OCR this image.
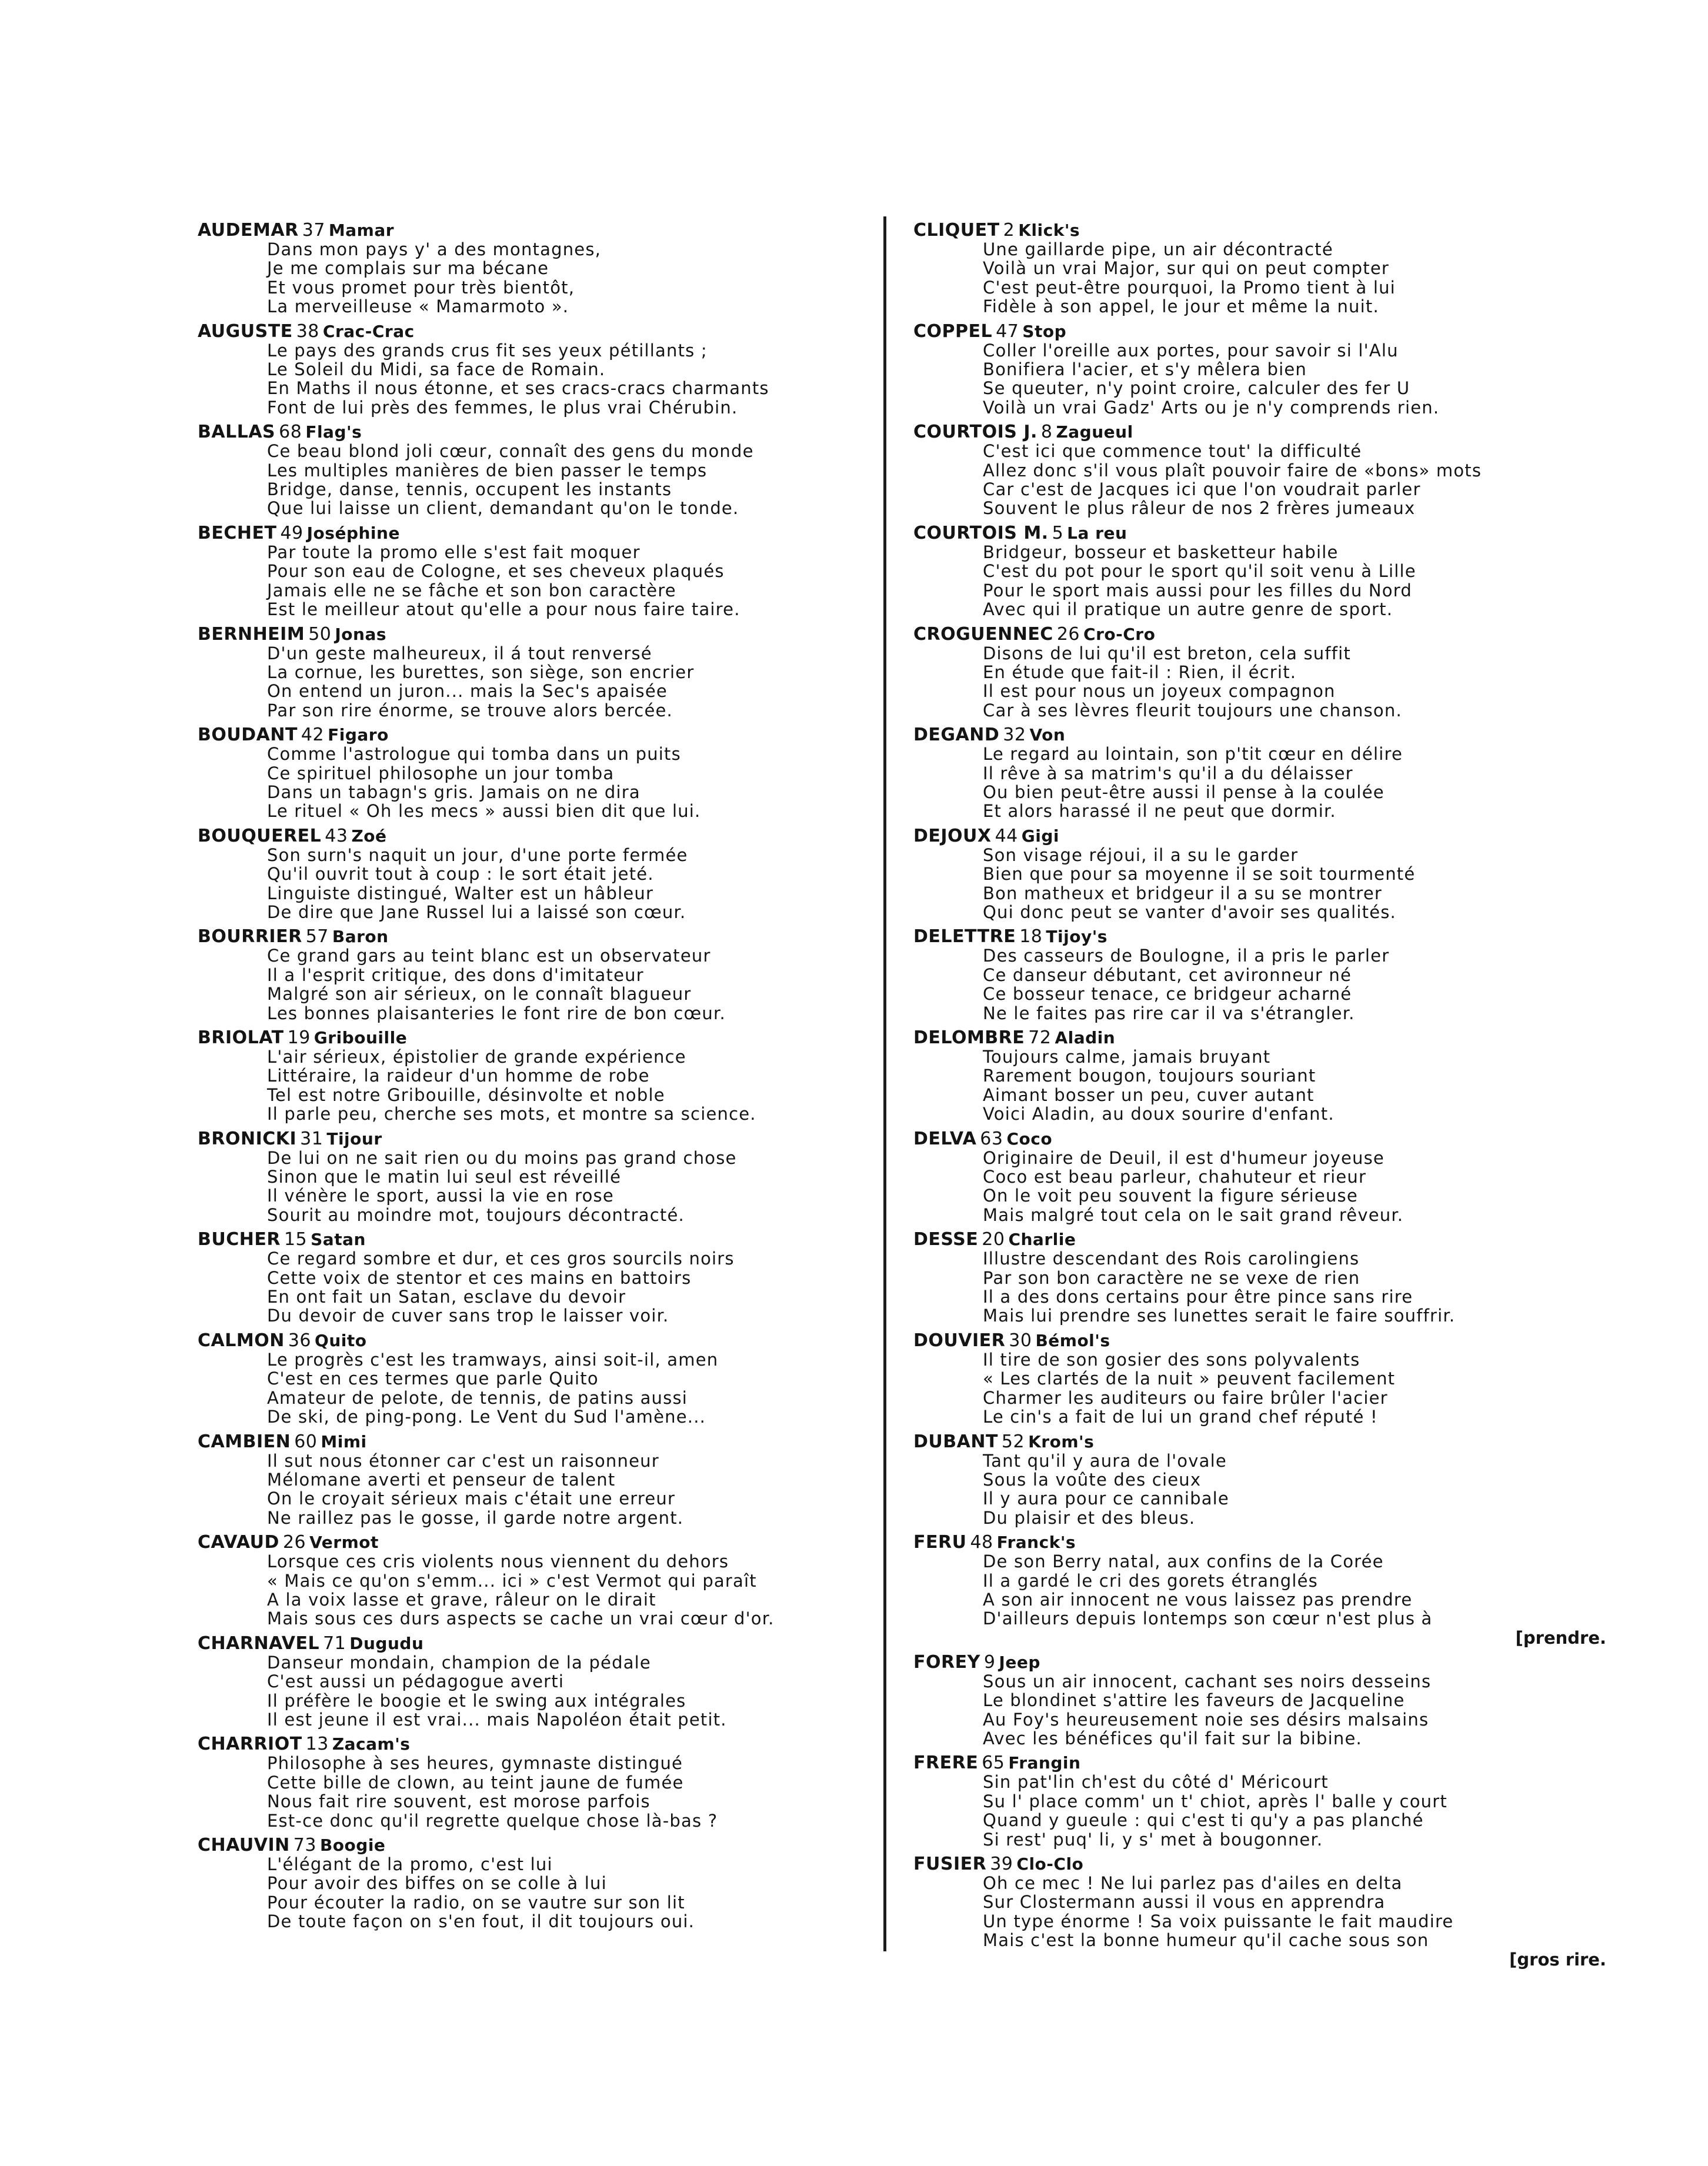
AUDEMAR 37 Mamar
Dans mon pays y' a des montagnes,
Je me complais sur ma bécane
Et vous promet pour très bientôt,
La merveilleuse « Mamarmoto ».
AUGUSTE 38 Crac-Crac
Le pays des grands crus fit ses yeux pétillants ;
Le Soleil du Midi, sa face de Romain.
En Maths il nous étonne, et ses cracs-cracs charmants
Font de lui près des femmes, le plus vrai Chérubin.
BALLAS 68 Flag's
Ce beau blond joli cœur, connaît des gens du monde
Les multiples manières de bien passer le temps
Bridge, danse, tennis, occupent les instants
Que lui laisse un client, demandant qu'on le tonde.
BECHET 49 Joséphine
Par toute la promo elle s'est fait moquer
Pour son eau de Cologne, et ses cheveux plaqués
Jamais elle ne se fâche et son bon caractère
Est le meilleur atout qu'elle a pour nous faire taire.
BERNHEIM 50 Jonas
D'un geste malheureux, il á tout renversé
La cornue, les burettes, son siège, son encrier
On entend un juron... mais la Sec's apaisée
Par son rire énorme, se trouve alors bercée.
BOUDANT 42 Figaro
Comme l'astrologue qui tomba dans un puits
Ce spirituel philosophe un jour tomba
Dans un tabagn's gris. Jamais on ne dira
Le rituel « Oh les mecs » aussi bien dit que lui.
BOUQUEREL 43 Zoé
Son surn's naquit un jour, d'une porte fermée
Qu'il ouvrit tout à coup : le sort était jeté.
Linguiste distingué, Walter est un hâbleur
De dire que Jane Russel lui a laissé son cœur.
BOURRIER 57 Baron
Ce grand gars au teint blanc est un observateur
Il a l'esprit critique, des dons d'imitateur
Malgré son air sérieux, on le connaît blagueur
Les bonnes plaisanteries le font rire de bon cœur.
BRIOLAT 19 Gribouille
L'air sérieux, épistolier de grande expérience
Littéraire, la raideur d'un homme de robe
Tel est notre Gribouille, désinvolte et noble
Il parle peu, cherche ses mots, et montre sa science.
BRONICKI 31 Tijour
De lui on ne sait rien ou du moins pas grand chose
Sinon que le matin lui seul est réveillé
Il vénère le sport, aussi la vie en rose
Sourit au moindre mot, toujours décontracté.
BUCHER 15 Satan
Ce regard sombre et dur, et ces gros sourcils noirs
Cette voix de stentor et ces mains en battoirs
En ont fait un Satan, esclave du devoir
Du devoir de cuver sans trop le laisser voir.
CALMON 36 Quito
Le progrès c'est les tramways, ainsi soit-il, amen
C'est en ces termes que parle Quito
Amateur de pelote, de tennis, de patins aussi
De ski, de ping-pong. Le Vent du Sud l'amène...
CAMBIEN 60 Mimi
Il sut nous étonner car c'est un raisonneur
Mélomane averti et penseur de talent
On le croyait sérieux mais c'était une erreur
Ne raillez pas le gosse, il garde notre argent.
CAVAUD 26 Vermot
Lorsque ces cris violents nous viennent du dehors
« Mais ce qu'on s'emm... ici » c'est Vermot qui paraît
A la voix lasse et grave, râleur on le dirait
Mais sous ces durs aspects se cache un vrai cœur d'or.
CHARNAVEL 71 Dugudu
Danseur mondain, champion de la pédale
C'est aussi un pédagogue averti
Il préfère le boogie et le swing aux intégrales
Il est jeune il est vrai... mais Napoléon était petit.
CHARRIOT 13 Zacam's
Philosophe à ses heures, gymnaste distingué
Cette bille de clown, au teint jaune de fumée
Nous fait rire souvent, est morose parfois
Est-ce donc qu'il regrette quelque chose là-bas ?
CHAUVIN 73 Boogie
L'élégant de la promo, c'est lui
Pour avoir des biffes on se colle à lui
Pour écouter la radio, on se vautre sur son lit
De toute façon on s'en fout, il dit toujours oui.
CLIQUET 2 Klick's
Une gaillarde pipe, un air décontracté
Voilà un vrai Major, sur qui on peut compter
C'est peut-être pourquoi, la Promo tient à lui
Fidèle à son appel, le jour et même la nuit.
COPPEL 47 Stop
Coller l'oreille aux portes, pour savoir si l'Alu
Bonifiera l'acier, et s'y mêlera bien
Se queuter, n'y point croire, calculer des fer U
Voilà un vrai Gadz' Arts ou je n'y comprends rien.
COURTOIS J. 8 Zagueul
C'est ici que commence tout' la difficulté
Allez donc s'il vous plaît pouvoir faire de «bons» mots
Car c'est de Jacques ici que l'on voudrait parler
Souvent le plus râleur de nos 2 frères jumeaux
COURTOIS M. 5 La reu
Bridgeur, bosseur et basketteur habile
C'est du pot pour le sport qu'il soit venu à Lille
Pour le sport mais aussi pour les filles du Nord
Avec qui il pratique un autre genre de sport.
CROGUENNEC 26 Cro-Cro
Disons de lui qu'il est breton, cela suffit
En étude que fait-il : Rien, il écrit.
Il est pour nous un joyeux compagnon
Car à ses lèvres fleurit toujours une chanson.
DEGAND 32 Von
Le regard au lointain, son p'tit cœur en délire
Il rêve à sa matrim's qu'il a du délaisser
Ou bien peut-être aussi il pense à la coulée
Et alors harassé il ne peut que dormir.
DEJOUX 44 Gigi
Son visage réjoui, il a su le garder
Bien que pour sa moyenne il se soit tourmenté
Bon matheux et bridgeur il a su se montrer
Qui donc peut se vanter d'avoir ses qualités.
DELETTRE 18 Tijoy's
Des casseurs de Boulogne, il a pris le parler
Ce danseur débutant, cet avironneur né
Ce bosseur tenace, ce bridgeur acharné
Ne le faites pas rire car il va s'étrangler.
DELOMBRE 72 Aladin
Toujours calme, jamais bruyant
Rarement bougon, toujours souriant
Aimant bosser un peu, cuver autant
Voici Aladin, au doux sourire d'enfant.
DELVA 63 Coco
Originaire de Deuil, il est d'humeur joyeuse
Coco est beau parleur, chahuteur et rieur
On le voit peu souvent la figure sérieuse
Mais malgré tout cela on le sait grand rêveur.
DESSE 20 Charlie
Illustre descendant des Rois carolingiens
Par son bon caractère ne se vexe de rien
Il a des dons certains pour être pince sans rire
Mais lui prendre ses lunettes serait le faire souffrir.
DOUVIER 30 Bémol's
Il tire de son gosier des sons polyvalents
« Les clartés de la nuit » peuvent facilement
Charmer les auditeurs ou faire brûler l'acier
Le cin's a fait de lui un grand chef réputé !
DUBANT 52 Krom's
Tant qu'il y aura de l'ovale
Sous la voûte des cieux
Il y aura pour ce cannibale
Du plaisir et des bleus.
FERU 48 Franck's
De son Berry natal, aux confins de la Corée
Il a gardé le cri des gorets étranglés
A son air innocent ne vous laissez pas prendre
D'ailleurs depuis lontemps son cœur n'est plus à
[prendre.
FOREY 9 Jeep
Sous un air innocent, cachant ses noirs desseins
Le blondinet s'attire les faveurs de Jacqueline
Au Foy's heureusement noie ses désirs malsains
Avec les bénéfices qu'il fait sur la bibine.
FRERE 65 Frangin
Sin pat'lin ch'est du côté d' Méricourt
Su l' place comm' un t' chiot, après l' balle y court
Quand y gueule : qui c'est ti qu'y a pas planché
Si rest' puq' li, y s' met à bougonner.
FUSIER 39 Clo-Clo
Oh ce mec ! Ne lui parlez pas d'ailes en delta
Sur Clostermann aussi il vous en apprendra
Un type énorme ! Sa voix puissante le fait maudire
Mais c'est la bonne humeur qu'il cache sous son
[gros rire.
